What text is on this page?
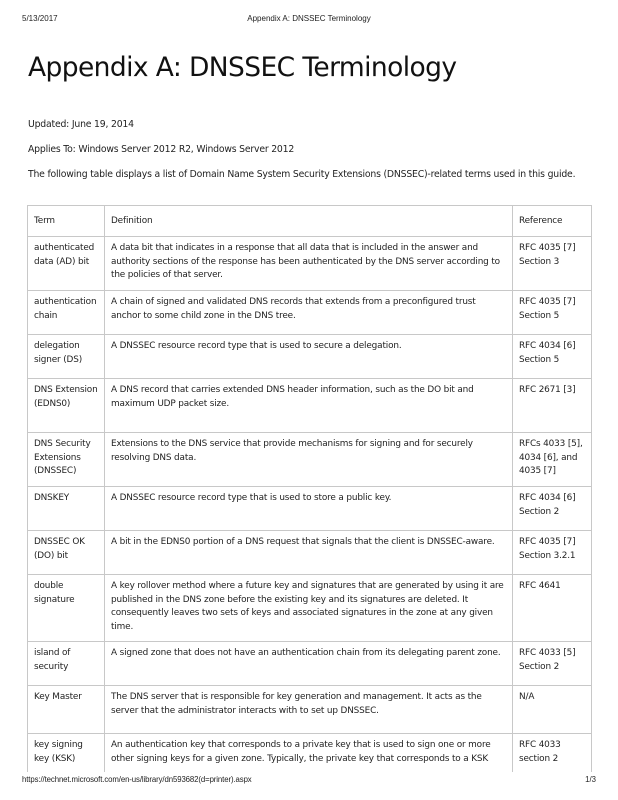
5/13/2017	Appendix A: DNSSEC Terminology
Appendix A: DNSSEC Terminology

Updated: June 19, 2014

Applies To: Windows Server 2012 R2, Windows Server 2012

The following table displays a list of Domain Name System Security Extensions (DNSSEC)-related terms used in this guide.

Term	Definition	Reference
authenticated data (AD) bit	A data bit that indicates in a response that all data that is included in the answer and authority sections of the response has been authenticated by the DNS server according to the policies of that server.	RFC 4035 [7] Section 3
authentication chain	A chain of signed and validated DNS records that extends from a preconfigured trust anchor to some child zone in the DNS tree.	RFC 4035 [7] Section 5
delegation signer (DS)	A DNSSEC resource record type that is used to secure a delegation.	RFC 4034 [6] Section 5
DNS Extension (EDNS0)	A DNS record that carries extended DNS header information, such as the DO bit and maximum UDP packet size.	RFC 2671 [3]
DNS Security Extensions (DNSSEC)	Extensions to the DNS service that provide mechanisms for signing and for securely resolving DNS data.	RFCs 4033 [5], 4034 [6], and 4035 [7]
DNSKEY	A DNSSEC resource record type that is used to store a public key.	RFC 4034 [6] Section 2
DNSSEC OK (DO) bit	A bit in the EDNS0 portion of a DNS request that signals that the client is DNSSEC-aware.	RFC 4035 [7] Section 3.2.1
double signature	A key rollover method where a future key and signatures that are generated by using it are published in the DNS zone before the existing key and its signatures are deleted. It consequently leaves two sets of keys and associated signatures in the zone at any given time.	RFC 4641
island of security	A signed zone that does not have an authentication chain from its delegating parent zone.	RFC 4033 [5] Section 2
Key Master	The DNS server that is responsible for key generation and management. It acts as the server that the administrator interacts with to set up DNSSEC.	N/A
key signing key (KSK)	An authentication key that corresponds to a private key that is used to sign one or more other signing keys for a given zone. Typically, the private key that corresponds to a KSK	RFC 4033 section 2
https://technet.microsoft.com/en-us/library/dn593682(d=printer).aspx	1/3
